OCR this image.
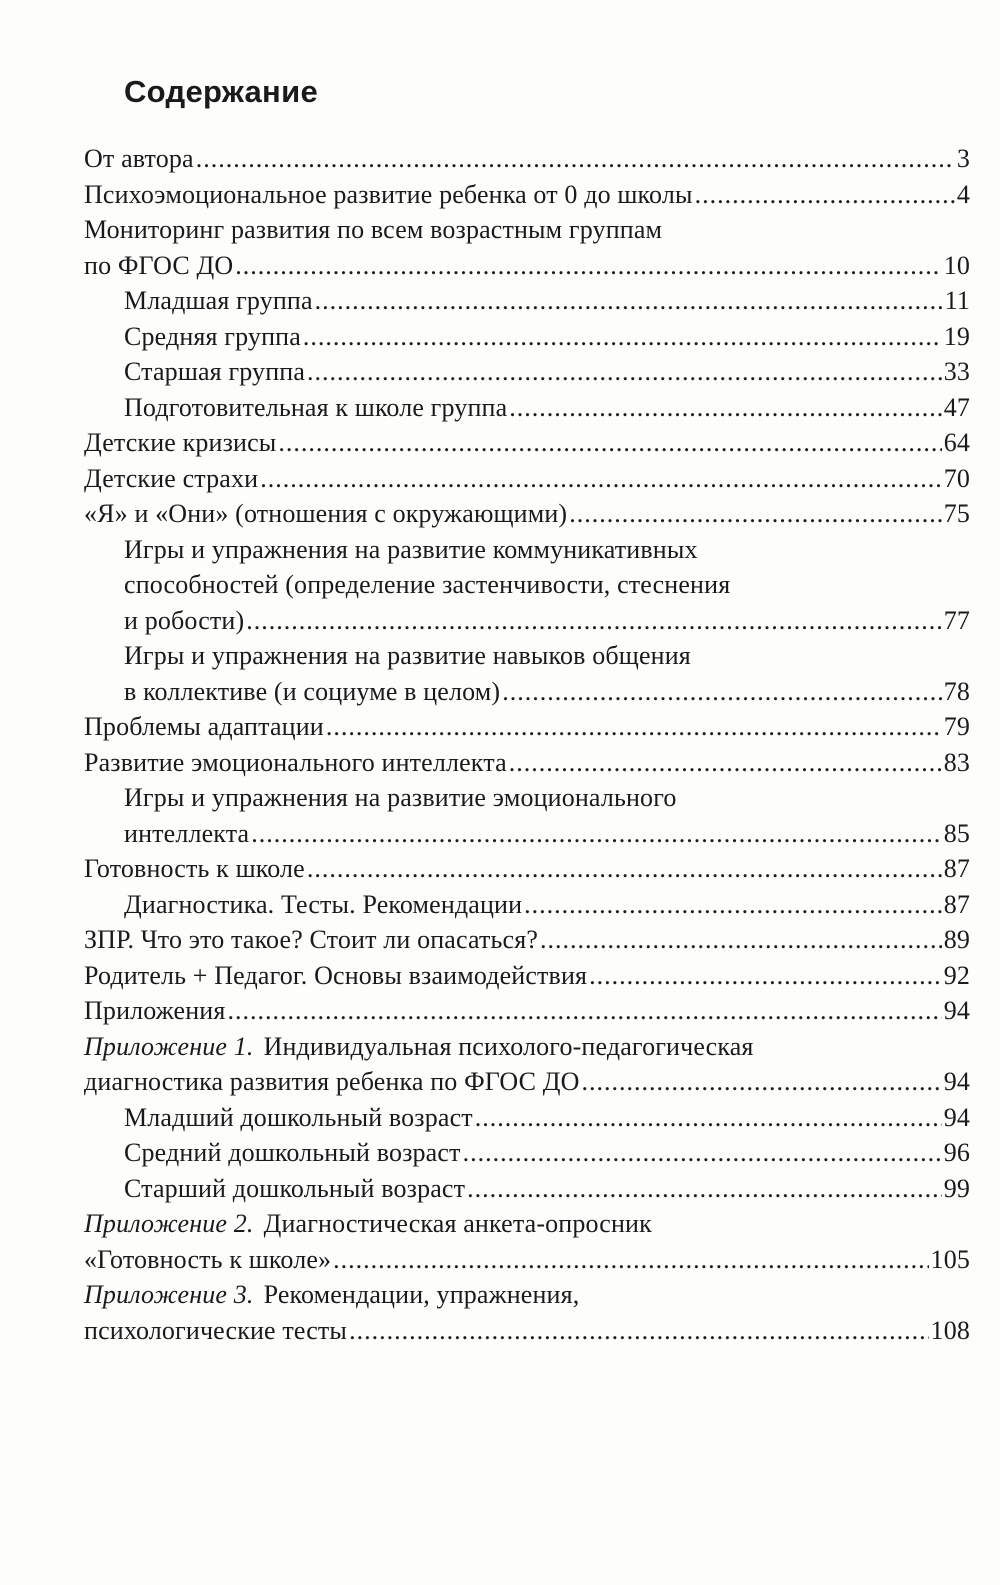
Содержание
От автора .....	3
Психоэмоциональное развитие ребенка от 0 до школы .....	4
Мониторинг развития по всем возрастным группам
по ФГОС ДО .....	10
Младшая группа .....	11
Средняя группа .....	19
Старшая группа .....	33
Подготовительная к школе группа .....	47
Детские кризисы .....	64
Детские страхи .....	70
«Я» и «Они» (отношения с окружающими) .....	75
Игры и упражнения на развитие коммуникативных
способностей (определение застенчивости, стеснения
и робости) .....	77
Игры и упражнения на развитие навыков общения
в коллективе (и социуме в целом) .....	78
Проблемы адаптации .....	79
Развитие эмоционального интеллекта .....	83
Игры и упражнения на развитие эмоционального
интеллекта .....	85
Готовность к школе .....	87
Диагностика. Тесты. Рекомендации .....	87
ЗПР. Что это такое? Стоит ли опасаться? .....	89
Родитель + Педагог. Основы взаимодействия .....	92
Приложения .....	94
Приложение 1. Индивидуальная психолого-педагогическая
диагностика развития ребенка по ФГОС ДО .....	94
Младший дошкольный возраст .....	94
Средний дошкольный возраст .....	96
Старший дошкольный возраст .....	99
Приложение 2. Диагностическая анкета-опросник
«Готовность к школе» .....	105
Приложение 3. Рекомендации, упражнения,
психологические тесты .....	108
